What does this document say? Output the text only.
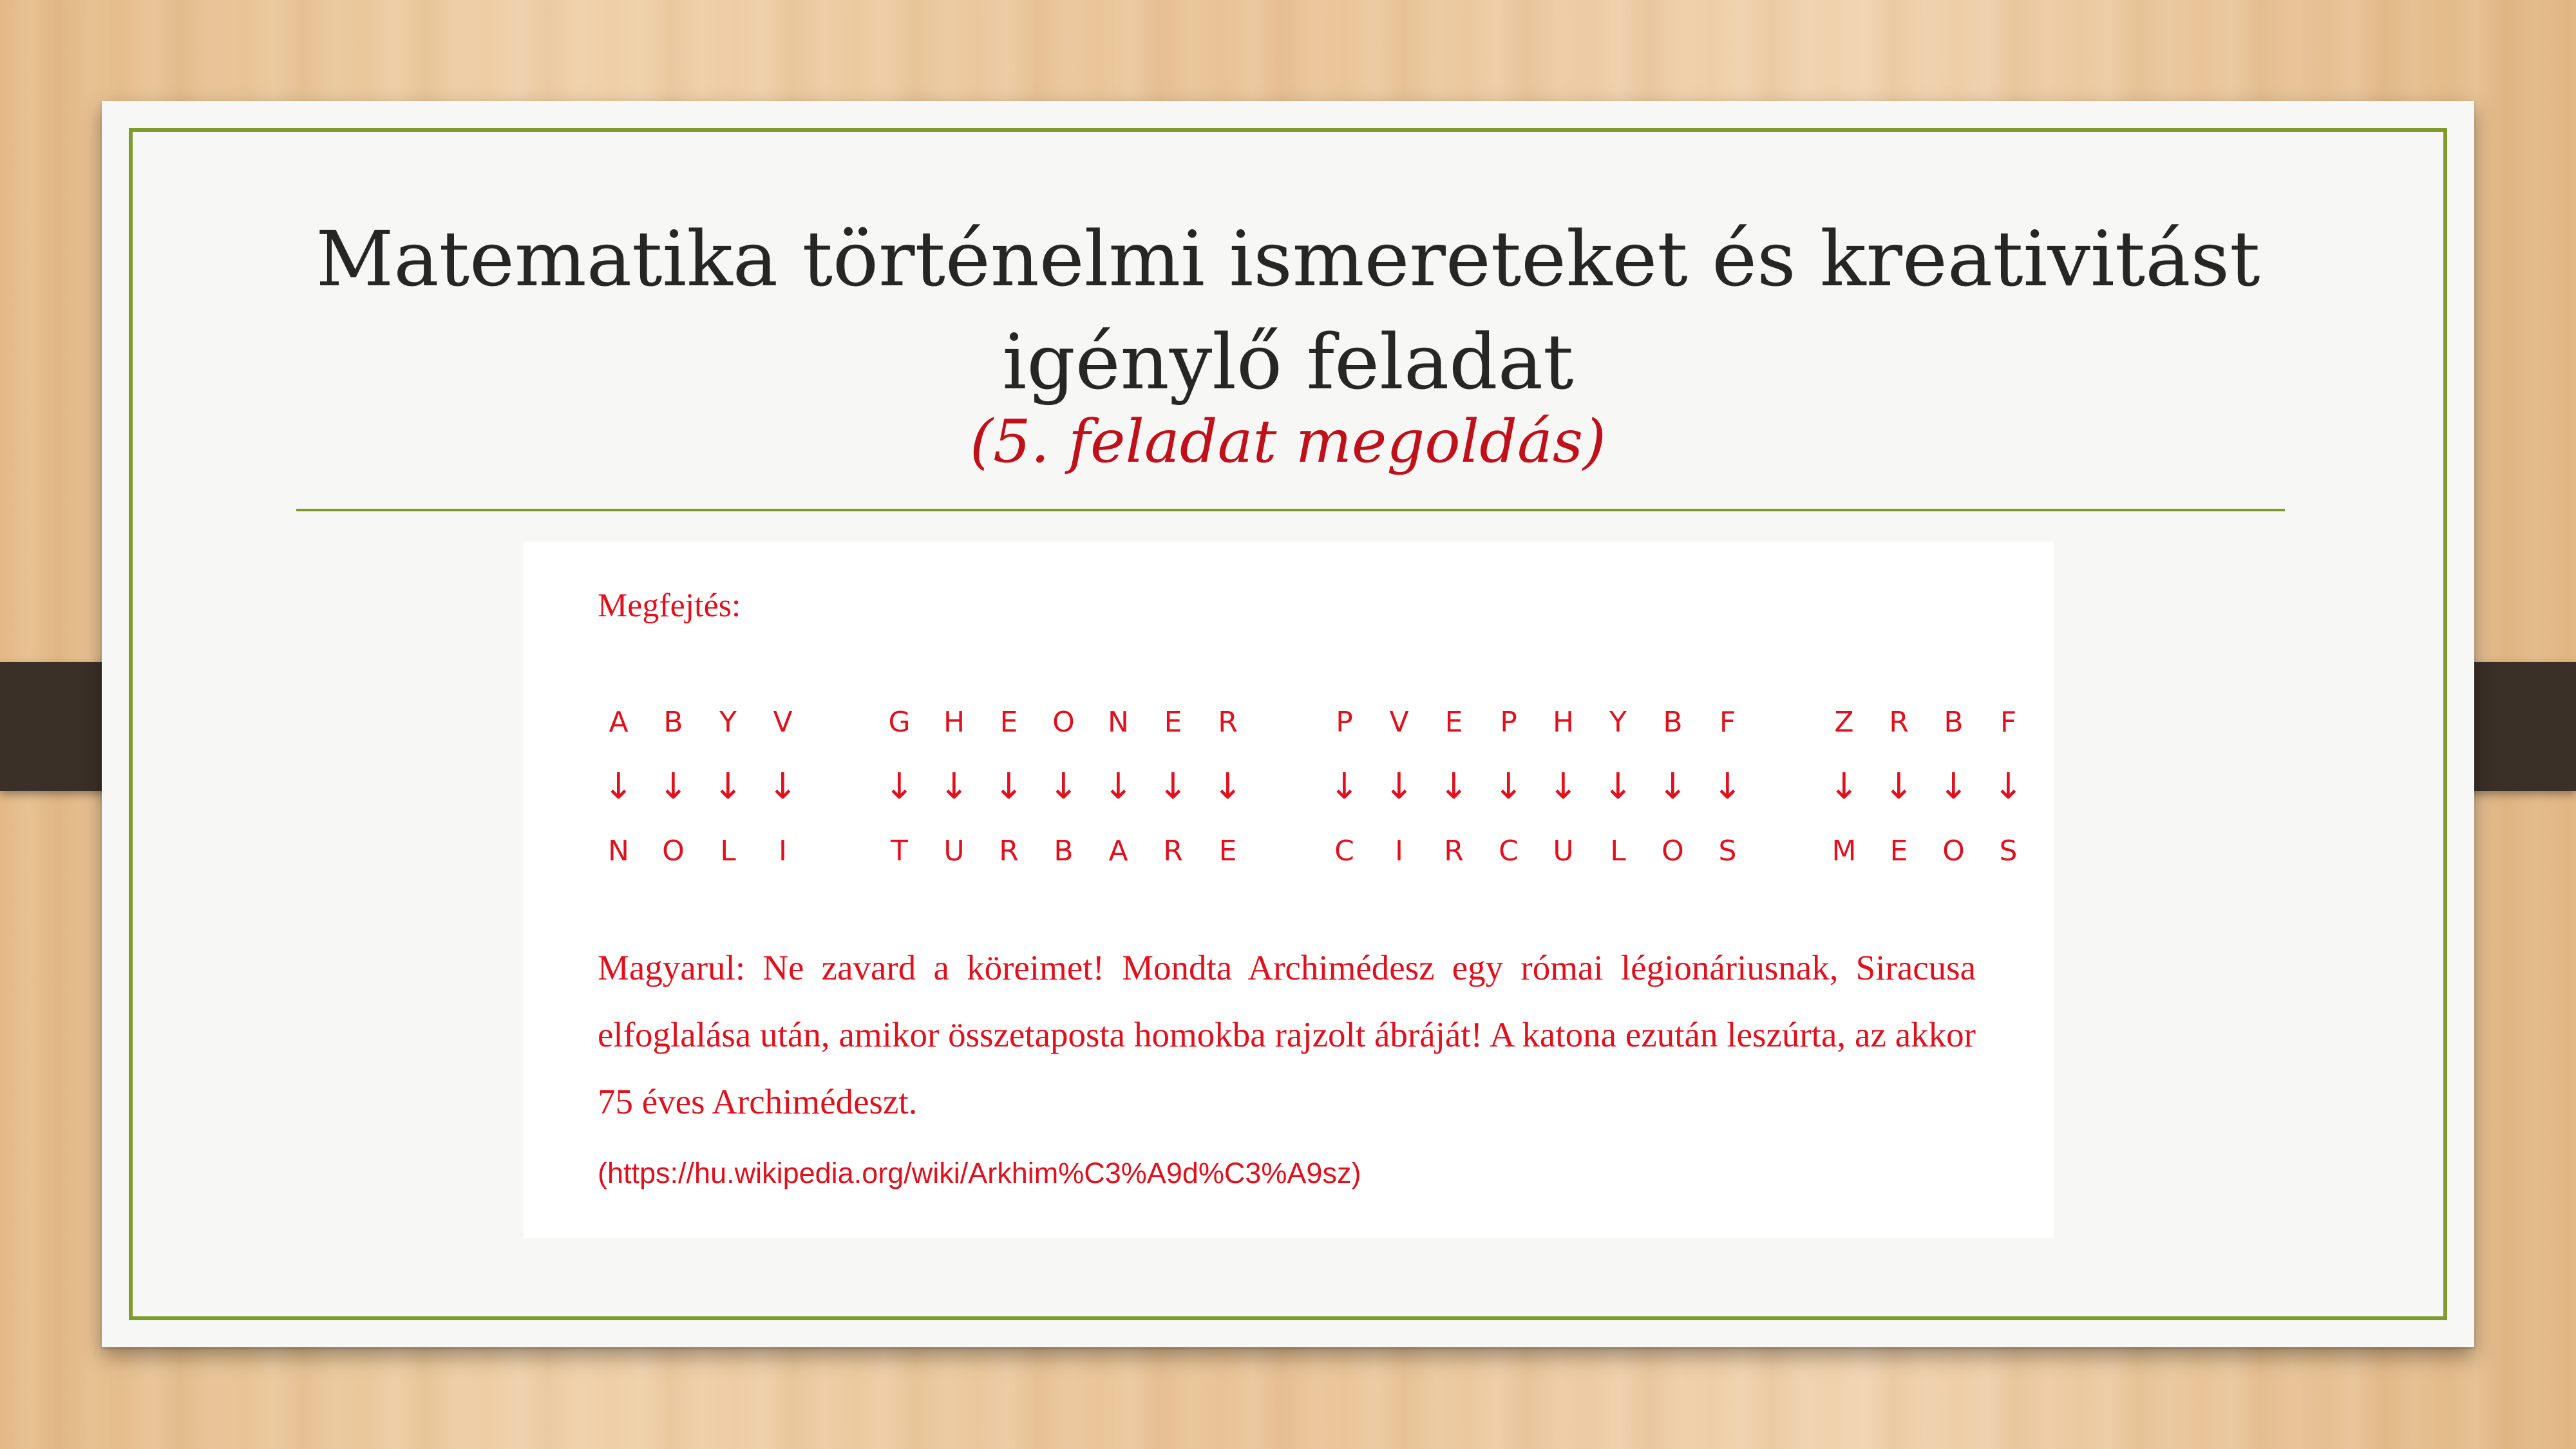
Matematika történelmi ismereteket és kreativitást igénylő feladat
(5. feladat megoldás)
Megfejtés:
A	B	Y	V	G	H	E	O	N	E	R	P	V	E	P	H	Y	B	F	Z	R	B	F
↓ ↓ ↓ ↓	↓ ↓ ↓ ↓ ↓ ↓ ↓	↓ ↓ ↓ ↓ ↓ ↓ ↓ ↓	↓ ↓ ↓ ↓
N	O	L	I	T	U	R	B	A	R	E	C	I	R	C	U	L	O	S	M	E	O	S
Magyarul: Ne zavard a köreimet! Mondta Archimédesz egy római légionáriusnak, Siracusa elfoglalása után, amikor összetaposta homokba rajzolt ábráját! A katona ezután leszúrta, az akkor 75 éves Archimédeszt.
(https://hu.wikipedia.org/wiki/Arkhim%C3%A9d%C3%A9sz)
